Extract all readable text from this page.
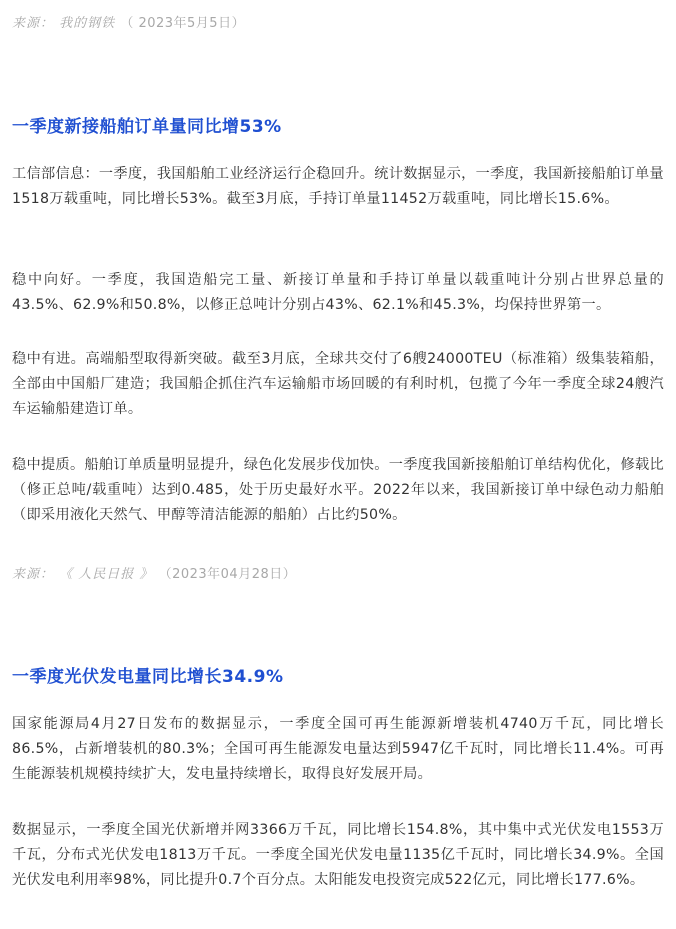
来源： 我的钢铁 （ 2023年5月5日）
一季度新接船舶订单量同比增53%

工信部信息：一季度，我国船舶工业经济运行企稳回升。统计数据显示，一季度，我国新接船舶订单量1518万载重吨，同比增长53%。截至3月底，手持订单量11452万载重吨，同比增长15.6%。

稳中向好。一季度，我国造船完工量、新接订单量和手持订单量以载重吨计分别占世界总量的43.5%、62.9%和50.8%，以修正总吨计分别占43%、62.1%和45.3%，均保持世界第一。

稳中有进。高端船型取得新突破。截至3月底，全球共交付了6艘24000TEU（标准箱）级集装箱船，全部由中国船厂建造；我国船企抓住汽车运输船市场回暖的有利时机，包揽了今年一季度全球24艘汽车运输船建造订单。

稳中提质。船舶订单质量明显提升，绿色化发展步伐加快。一季度我国新接船舶订单结构优化，修载比（修正总吨/载重吨）达到0.485，处于历史最好水平。2022年以来，我国新接订单中绿色动力船舶（即采用液化天然气、甲醇等清洁能源的船舶）占比约50%。

来源： 《 人民日报 》 （2023年04月28日）
一季度光伏发电量同比增长34.9%

国家能源局4月27日发布的数据显示，一季度全国可再生能源新增装机4740万千瓦，同比增长86.5%，占新增装机的80.3%；全国可再生能源发电量达到5947亿千瓦时，同比增长11.4%。可再生能源装机规模持续扩大，发电量持续增长，取得良好发展开局。

数据显示，一季度全国光伏新增并网3366万千瓦，同比增长154.8%，其中集中式光伏发电1553万千瓦，分布式光伏发电1813万千瓦。一季度全国光伏发电量1135亿千瓦时，同比增长34.9%。全国光伏发电利用率98%，同比提升0.7个百分点。太阳能发电投资完成522亿元，同比增长177.6%。
